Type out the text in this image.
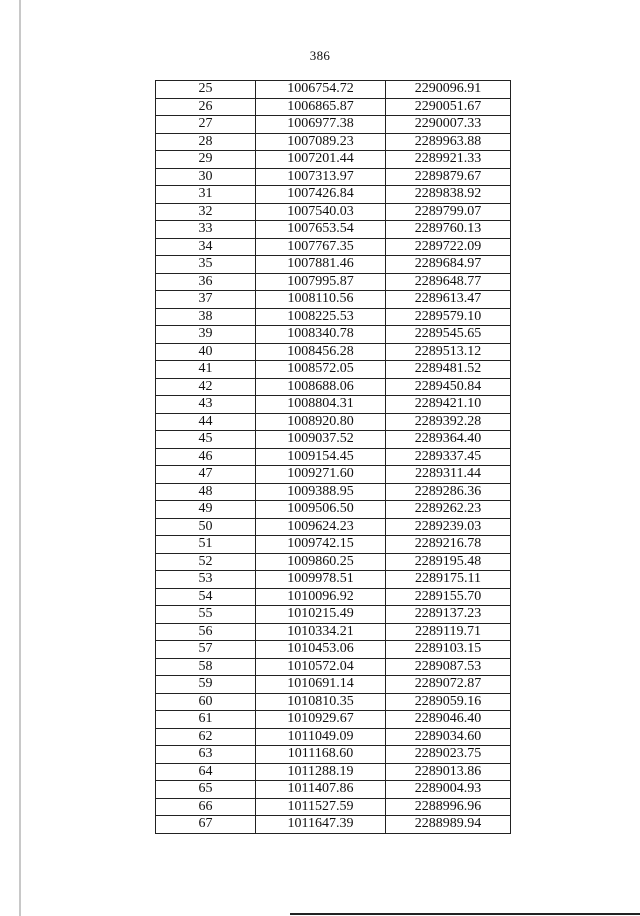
386
25	1006754.72	2290096.91
26	1006865.87	2290051.67
27	1006977.38	2290007.33
28	1007089.23	2289963.88
29	1007201.44	2289921.33
30	1007313.97	2289879.67
31	1007426.84	2289838.92
32	1007540.03	2289799.07
33	1007653.54	2289760.13
34	1007767.35	2289722.09
35	1007881.46	2289684.97
36	1007995.87	2289648.77
37	1008110.56	2289613.47
38	1008225.53	2289579.10
39	1008340.78	2289545.65
40	1008456.28	2289513.12
41	1008572.05	2289481.52
42	1008688.06	2289450.84
43	1008804.31	2289421.10
44	1008920.80	2289392.28
45	1009037.52	2289364.40
46	1009154.45	2289337.45
47	1009271.60	2289311.44
48	1009388.95	2289286.36
49	1009506.50	2289262.23
50	1009624.23	2289239.03
51	1009742.15	2289216.78
52	1009860.25	2289195.48
53	1009978.51	2289175.11
54	1010096.92	2289155.70
55	1010215.49	2289137.23
56	1010334.21	2289119.71
57	1010453.06	2289103.15
58	1010572.04	2289087.53
59	1010691.14	2289072.87
60	1010810.35	2289059.16
61	1010929.67	2289046.40
62	1011049.09	2289034.60
63	1011168.60	2289023.75
64	1011288.19	2289013.86
65	1011407.86	2289004.93
66	1011527.59	2288996.96
67	1011647.39	2288989.94
